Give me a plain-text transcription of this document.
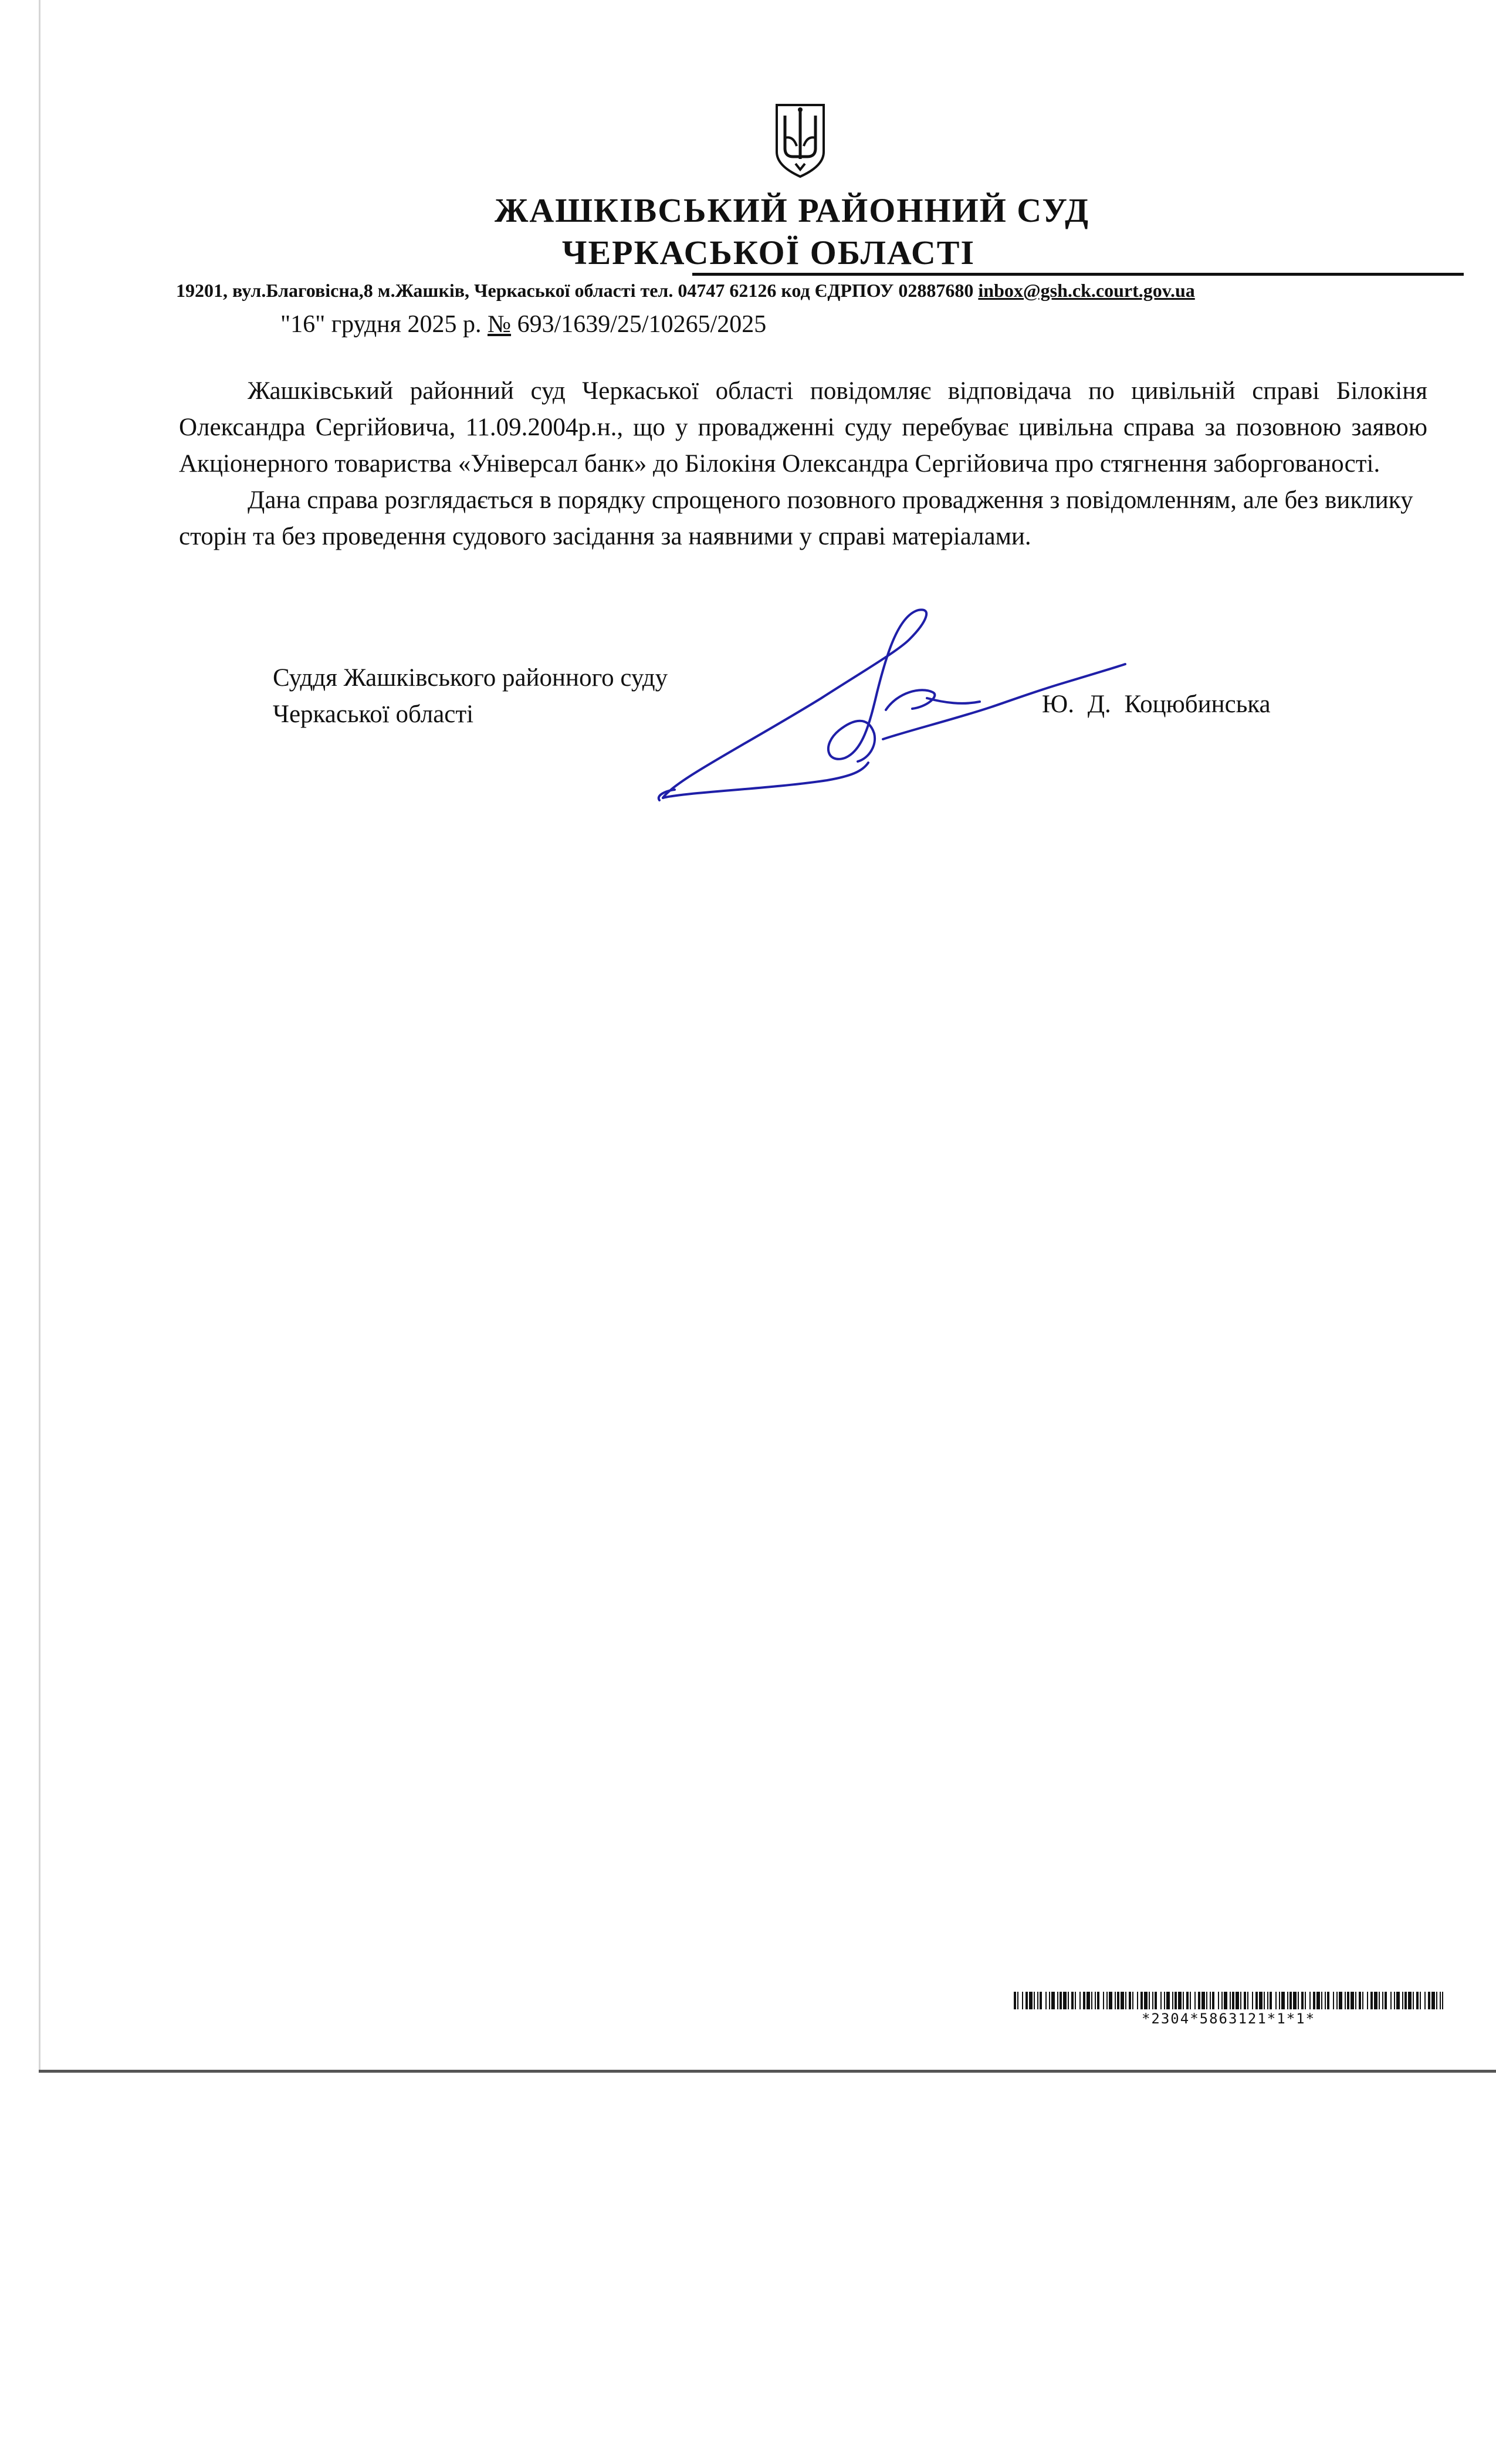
ЖАШКІВСЬКИЙ РАЙОННИЙ СУД
ЧЕРКАСЬКОЇ ОБЛАСТІ
19201, вул.Благовісна,8 м.Жашків, Черкаської області тел. 04747 62126 код ЄДРПОУ 02887680 inbox@gsh.ck.court.gov.ua
"16" грудня 2025 р. № 693/1639/25/10265/2025

Жашківський районний суд Черкаської області повідомляє відповідача по цивільній справі Білокіня Олександра Сергійовича, 11.09.2004р.н., що у провадженні суду перебуває цивільна справа за позовною заявою Акціонерного товариства «Універсал банк» до Білокіня Олександра Сергійовича про стягнення заборгованості.

Дана справа розглядається в порядку спрощеного позовного провадження з повідомленням, але без виклику сторін та без проведення судового засідання за наявними у справі матеріалами.

Суддя Жашківського районного суду
Черкаської області	Ю. Д. Коцюбинська
*2304*5863121*1*1*
